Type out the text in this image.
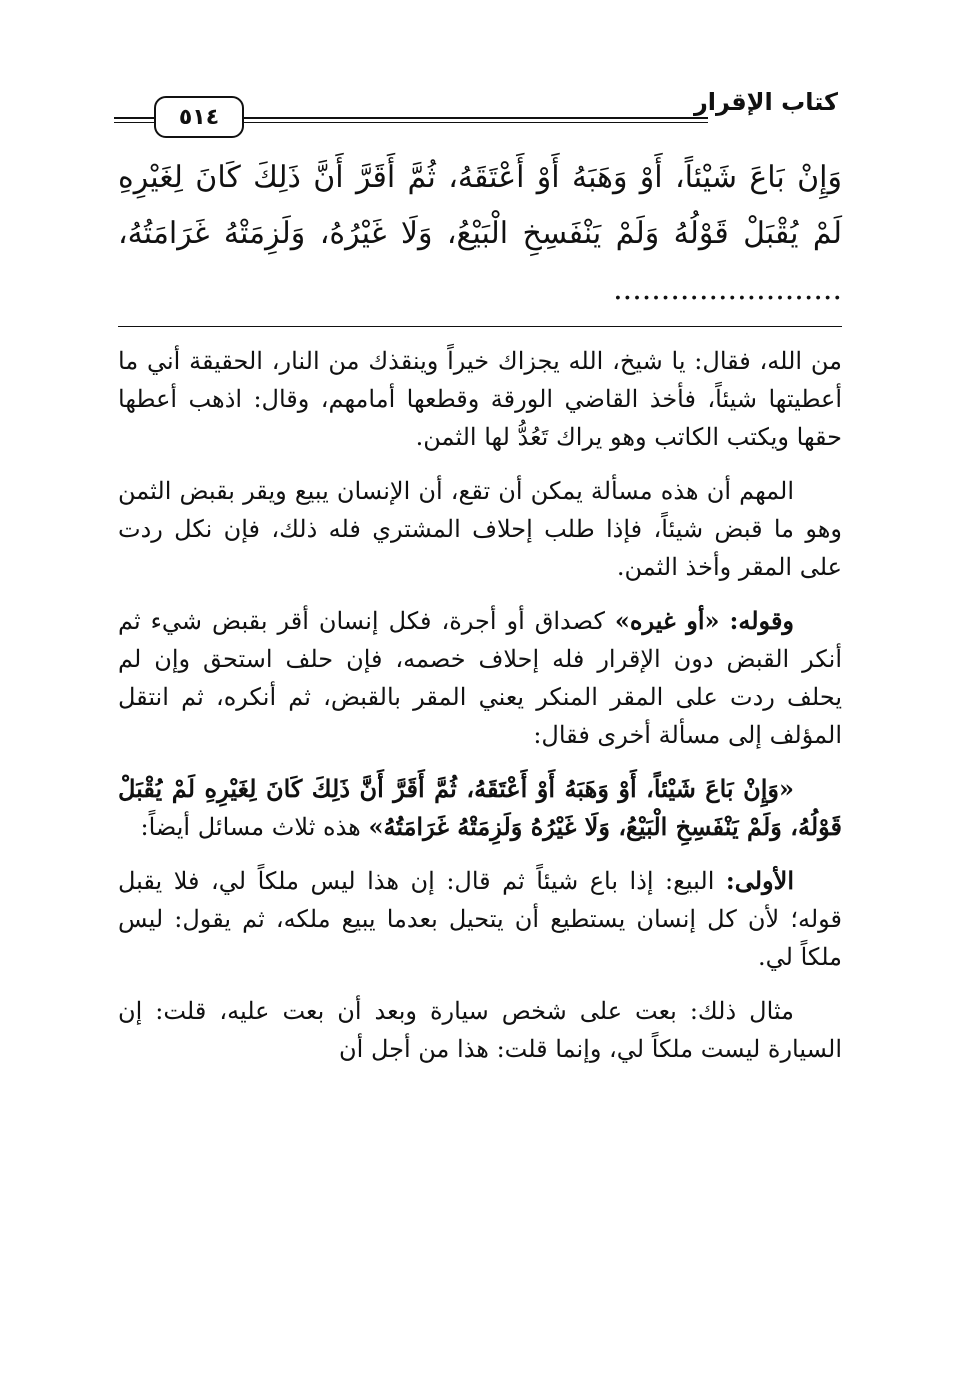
٥١٤
كتاب الإقرار
وَإِنْ بَاعَ شَيْئاً، أَوْ وَهَبَهُ أَوْ أَعْتَقَهُ، ثُمَّ أَقَرَّ أَنَّ ذَلِكَ كَانَ لِغَيْرِهِ لَمْ يُقْبَلْ قَوْلُهُ وَلَمْ يَنْفَسِخِ الْبَيْعُ، وَلَا غَيْرُهُ، وَلَزِمَتْهُ غَرَامَتُهُ، ........................

من الله، فقال: يا شيخ، الله يجزاك خيراً وينقذك من النار، الحقيقة أني ما أعطيتها شيئاً، فأخذ القاضي الورقة وقطعها أمامهم، وقال: اذهب أعطها حقها ويكتب الكاتب وهو يراك تَعُدُّ لها الثمن.

المهم أن هذه مسألة يمكن أن تقع، أن الإنسان يبيع ويقر بقبض الثمن وهو ما قبض شيئاً، فإذا طلب إحلاف المشتري فله ذلك، فإن نكل ردت على المقر وأخذ الثمن.

وقوله: «أو غيره» كصداق أو أجرة، فكل إنسان أقر بقبض شيء ثم أنكر القبض دون الإقرار فله إحلاف خصمه، فإن حلف استحق وإن لم يحلف ردت على المقر المنكر يعني المقر بالقبض، ثم أنكره، ثم انتقل المؤلف إلى مسألة أخرى فقال:

«وَإِنْ بَاعَ شَيْئاً، أَوْ وَهَبَهُ أَوْ أَعْتَقَهُ، ثُمَّ أَقَرَّ أَنَّ ذَلِكَ كَانَ لِغَيْرِهِ لَمْ يُقْبَلْ قَوْلُهُ، وَلَمْ يَنْفَسِخِ الْبَيْعُ، وَلَا غَيْرُهُ وَلَزِمَتْهُ غَرَامَتُهُ» هذه ثلاث مسائل أيضاً:

الأولى: البيع: إذا باع شيئاً ثم قال: إن هذا ليس ملكاً لي، فلا يقبل قوله؛ لأن كل إنسان يستطيع أن يتحيل بعدما يبيع ملكه، ثم يقول: ليس ملكاً لي.

مثال ذلك: بعت على شخص سيارة وبعد أن بعت عليه، قلت: إن السيارة ليست ملكاً لي، وإنما قلت: هذا من أجل أن
